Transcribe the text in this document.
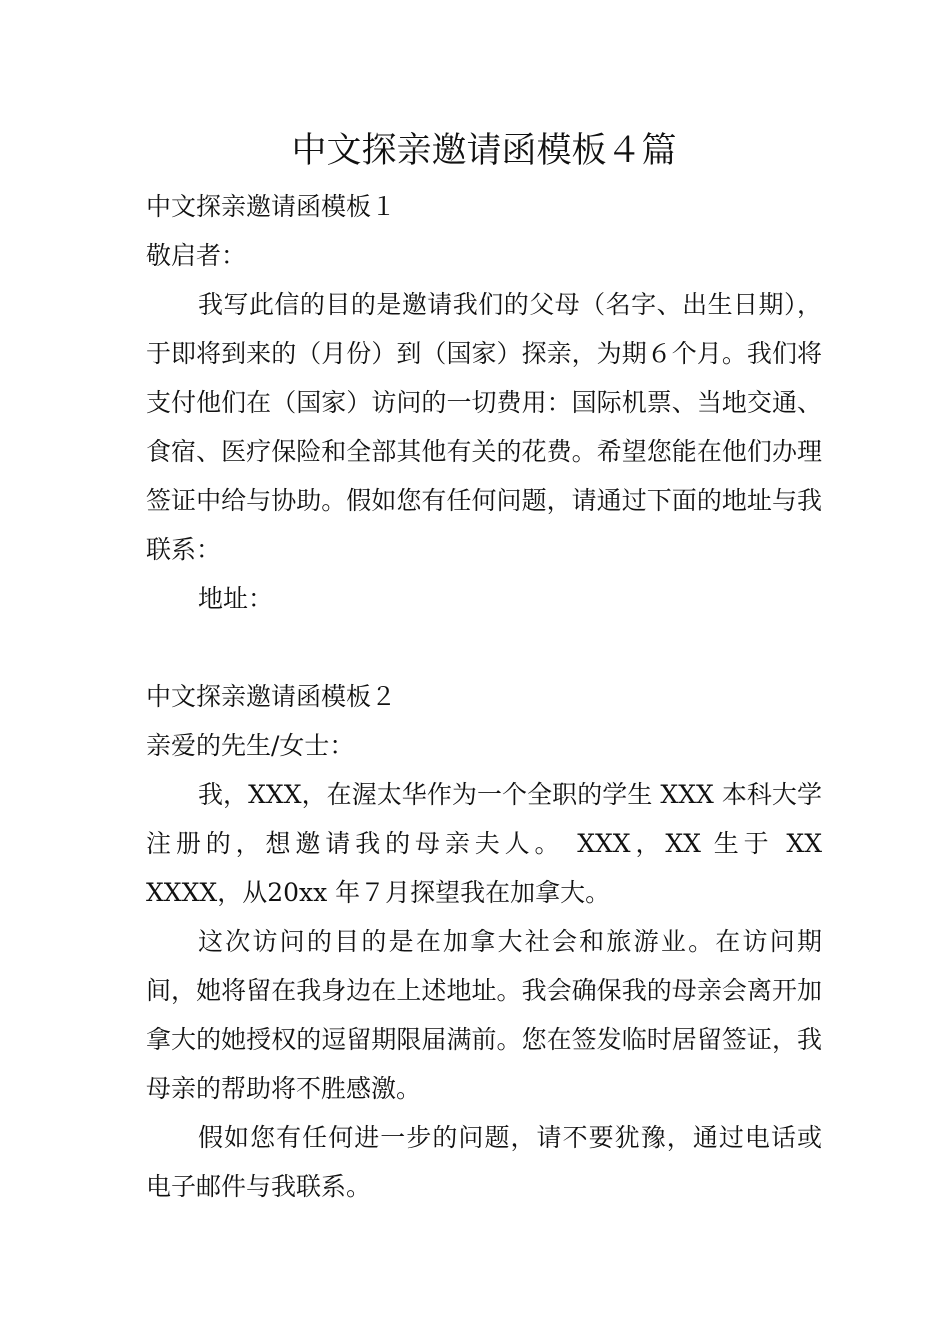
中文探亲邀请函模板４篇

中文探亲邀请函模板１

敬启者：

我写此信的目的是邀请我们的父母（名字、出生日期），于即将到来的（月份）到（国家）探亲，为期６个月。我们将支付他们在（国家）访问的一切费用：国际机票、当地交通、食宿、医疗保险和全部其他有关的花费。希望您能在他们办理签证中给与协助。假如您有任何问题，请通过下面的地址与我联系：

地址：

中文探亲邀请函模板２

亲爱的先生/女士：

我，XXX，在渥太华作为一个全职的学生 XXX 本科大学注册的，想邀请我的母亲夫人。 XXX，XX 生于 XX XXXX，从20xx 年７月探望我在加拿大。

这次访问的目的是在加拿大社会和旅游业。在访问期间，她将留在我身边在上述地址。我会确保我的母亲会离开加拿大的她授权的逗留期限届满前。您在签发临时居留签证，我母亲的帮助将不胜感激。

假如您有任何进一步的问题，请不要犹豫，通过电话或电子邮件与我联系。
